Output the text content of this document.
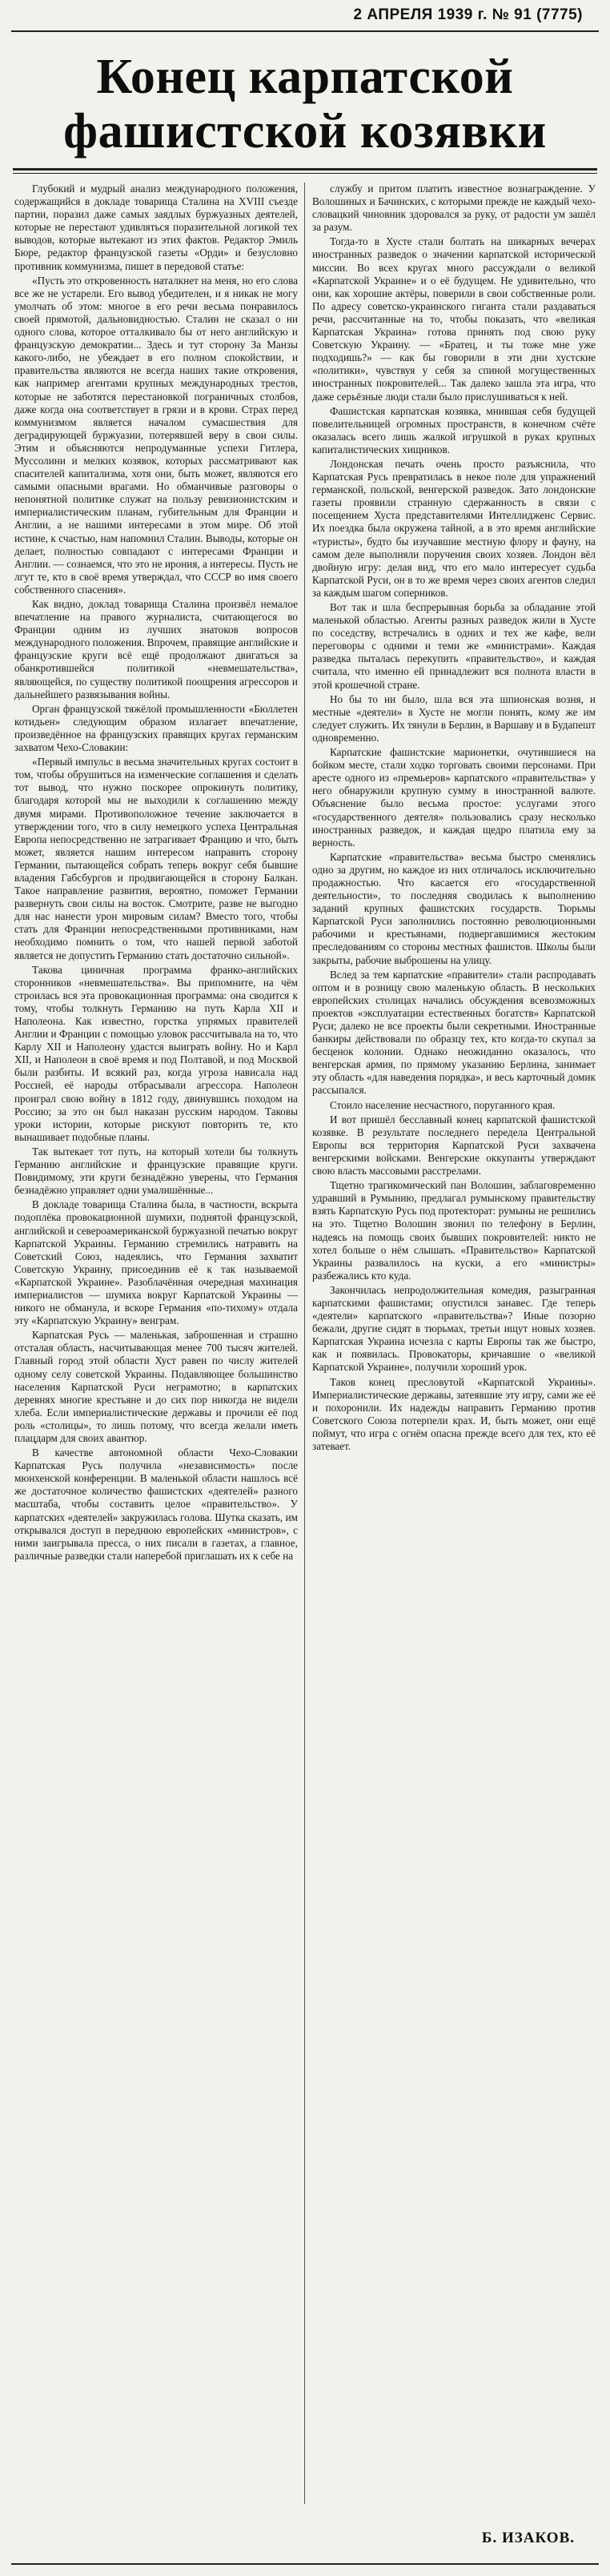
2 АПРЕЛЯ 1939 г. № 91 (7775)
Конец карпатской
фашистской козявки

Глубокий и мудрый анализ международного положения, содержащийся в докладе товарища Сталина на XVIII съезде партии, поразил даже самых заядлых буржуазных деятелей, которые не перестают удивляться поразительной логикой тех выводов, которые вытекают из этих фактов. Редактор Эмиль Бюре, редактор французской газеты «Орди» и безусловно противник коммунизма, пишет в передовой статье:

«Пусть это откровенность наталкнет на меня, но его слова все же не устарели. Его вывод убедителен, и я никак не могу умолчать об этом: многое в его речи весьма понравилось своей прямотой, дальновидностью. Сталин не сказал о ни одного слова, которое отталкивало бы от него английскую и французскую демократии... Здесь и тут сторону За Манзы какого-либо, не убеждает в его полном спокойствии, и правительства являются не всегда наших такие откровения, как например агентами крупных международных трестов, которые не заботятся перестановкой пограничных столбов, даже когда она соответствует в грязи и в крови. Страх перед коммунизмом является началом сумасшествия для деградирующей буржуазии, потерявшей веру в свои силы. Этим и объясняются непродуманные успехи Гитлера, Муссолини и мелких козявок, которых рассматривают как спасителей капитализма, хотя они, быть может, являются его самыми опасными врагами. Но обманчивые разговоры о непонятной политике служат на пользу ревизионистским и империалистическим планам, губительным для Франции и Англии, а не нашими интересами в этом мире. Об этой истине, к счастью, нам напомнил Сталин. Выводы, которые он делает, полностью совпадают с интересами Франции и Англии. — сознаемся, что это не ирония, а интересы. Пусть не лгут те, кто в своё время утверждал, что СССР во имя своего собственного спасения».

Как видно, доклад товарища Сталина произвёл немалое впечатление на правого журналиста, считающегося во Франции одним из лучших знатоков вопросов международного положения. Впрочем, правящие английские и французские круги всё ещё продолжают двигаться за обанкротившейся политикой «невмешательства», являющейся, по существу политикой поощрения агрессоров и дальнейшего развязывания войны.

Орган французской тяжёлой промышленности «Бюллетен котидьен» следующим образом излагает впечатление, произведённое на французских правящих кругах германским захватом Чехо-Словакии:

«Первый импульс в весьма значительных кругах состоит в том, чтобы обрушиться на изменческие соглашения и сделать тот вывод, что нужно поскорее опрокинуть политику, благодаря которой мы не выходили к соглашению между двумя мирами. Противоположное течение заключается в утверждении того, что в силу немецкого успеха Центральная Европа непосредственно не затрагивает Францию и что, быть может, является нашим интересом направить сторону Германии, пытающейся собрать теперь вокруг себя бывшие владения Габсбургов и продвигающейся в сторону Балкан. Такое направление развития, вероятно, поможет Германии развернуть свои силы на восток. Смотрите, разве не выгодно для нас нанести урон мировым силам? Вместо того, чтобы стать для Франции непосредственными противниками, нам необходимо помнить о том, что нашей первой заботой является не допустить Германию стать достаточно сильной».

Такова циничная программа франко-английских сторонников «невмешательства». Вы припомните, на чём строилась вся эта провокационная программа: она сводится к тому, чтобы толкнуть Германию на путь Карла XII и Наполеона. Как известно, горстка упрямых правителей Англии и Франции с помощью уловок рассчитывала на то, что Карлу XII и Наполеону удастся выиграть войну. Но и Карл XII, и Наполеон в своё время и под Полтавой, и под Москвой были разбиты. И всякий раз, когда угроза нависала над Россией, её народы отбрасывали агрессора. Наполеон проиграл свою войну в 1812 году, двинувшись походом на Россию; за это он был наказан русским народом. Таковы уроки истории, которые рискуют повторить те, кто вынашивает подобные планы.

Так вытекает тот путь, на который хотели бы толкнуть Германию английские и французские правящие круги. Повидимому, эти круги безнадёжно уверены, что Германия безнадёжно управляет одни умалишённые...

В докладе товарища Сталина была, в частности, вскрыта подоплёка провокационной шумихи, поднятой французской, английской и североамериканской буржуазной печатью вокруг Карпатской Украины. Германию стремились натравить на Советский Союз, надеялись, что Германия захватит Советскую Украину, присоединив её к так называемой «Карпатской Украине». Разоблачённая очередная махинация империалистов — шумиха вокруг Карпатской Украины — никого не обманула, и вскоре Германия «по-тихому» отдала эту «Карпатскую Украину» венграм.

Карпатская Русь — маленькая, заброшенная и страшно отсталая область, насчитывающая менее 700 тысяч жителей. Главный город этой области Хуст равен по числу жителей одному селу советской Украины. Подавляющее большинство населения Карпатской Руси неграмотно; в карпатских деревнях многие крестьяне и до сих пор никогда не видели хлеба. Если империалистические державы и прочили её под роль «столицы», то лишь потому, что всегда желали иметь плацдарм для своих авантюр.

В качестве автономной области Чехо-Словакии Карпатская Русь получила «независимость» после мюнхенской конференции. В маленькой области нашлось всё же достаточное количество фашистских «деятелей» разного масштаба, чтобы составить целое «правительство». У карпатских «деятелей» закружилась голова. Шутка сказать, им открывался доступ в переднюю европейских «министров», с ними заигрывала пресса, о них писали в газетах, а главное, различные разведки стали наперебой приглашать их к себе на

службу и притом платить известное вознаграждение. У Волошиных и Бачинских, с которыми прежде не каждый чехо-словацкий чиновник здоровался за руку, от радости ум зашёл за разум.

Тогда-то в Хусте стали болтать на шикарных вечерах иностранных разведок о значении карпатской исторической миссии. Во всех кругах много рассуждали о великой «Карпатской Украине» и о её будущем. Не удивительно, что они, как хорошие актёры, поверили в свои собственные роли. По адресу советско-украинского гиганта стали раздаваться речи, рассчитанные на то, чтобы показать, что «великая Карпатская Украина» готова принять под свою руку Советскую Украину. — «Братец, и ты тоже мне уже подходишь?» — как бы говорили в эти дни хустские «политики», чувствуя у себя за спиной могущественных иностранных покровителей... Так далеко зашла эта игра, что даже серьёзные люди стали было прислушиваться к ней.

Фашистская карпатская козявка, мнившая себя будущей повелительницей огромных пространств, в конечном счёте оказалась всего лишь жалкой игрушкой в руках крупных капиталистических хищников.

Лондонская печать очень просто разъяснила, что Карпатская Русь превратилась в некое поле для упражнений германской, польской, венгерской разведок. Зато лондонские газеты проявили странную сдержанность в связи с посещением Хуста представителями Интеллидженс Сервис. Их поездка была окружена тайной, а в это время английские «туристы», будто бы изучавшие местную флору и фауну, на самом деле выполняли поручения своих хозяев. Лондон вёл двойную игру: делая вид, что его мало интересует судьба Карпатской Руси, он в то же время через своих агентов следил за каждым шагом соперников.

Вот так и шла беспрерывная борьба за обладание этой маленькой областью. Агенты разных разведок жили в Хусте по соседству, встречались в одних и тех же кафе, вели переговоры с одними и теми же «министрами». Каждая разведка пыталась перекупить «правительство», и каждая считала, что именно ей принадлежит вся полнота власти в этой крошечной стране.

Но бы то ни было, шла вся эта шпионская возня, и местные «деятели» в Хусте не могли понять, кому же им следует служить. Их тянули в Берлин, в Варшаву и в Будапешт одновременно.

Карпатские фашистские марионетки, очутившиеся на бойком месте, стали ходко торговать своими персонами. При аресте одного из «премьеров» карпатского «правительства» у него обнаружили крупную сумму в иностранной валюте. Объяснение было весьма простое: услугами этого «государственного деятеля» пользовались сразу несколько иностранных разведок, и каждая щедро платила ему за верность.

Карпатские «правительства» весьма быстро сменялись одно за другим, но каждое из них отличалось исключительно продажностью. Что касается его «государственной деятельности», то последняя сводилась к выполнению заданий крупных фашистских государств. Тюрьмы Карпатской Руси заполнились постоянно революционными рабочими и крестьянами, подвергавшимися жестоким преследованиям со стороны местных фашистов. Школы были закрыты, рабочие выброшены на улицу.

Вслед за тем карпатские «правители» стали распродавать оптом и в розницу свою маленькую область. В нескольких европейских столицах начались обсуждения всевозможных проектов «эксплуатации естественных богатств» Карпатской Руси; далеко не все проекты были секретными. Иностранные банкиры действовали по образцу тех, кто когда-то скупал за бесценок колонии. Однако неожиданно оказалось, что венгерская армия, по прямому указанию Берлина, занимает эту область «для наведения порядка», и весь карточный домик рассыпался.

Стоило население несчастного, поруганного края.

И вот пришёл бесславный конец карпатской фашистской козявке. В результате последнего передела Центральной Европы вся территория Карпатской Руси захвачена венгерскими войсками. Венгерские оккупанты утверждают свою власть массовыми расстрелами.

Тщетно трагикомический пан Волошин, заблаговременно удравший в Румынию, предлагал румынскому правительству взять Карпатскую Русь под протекторат: румыны не решились на это. Тщетно Волошин звонил по телефону в Берлин, надеясь на помощь своих бывших покровителей: никто не хотел больше о нём слышать. «Правительство» Карпатской Украины развалилось на куски, а его «министры» разбежались кто куда.

Закончилась непродолжительная комедия, разыгранная карпатскими фашистами; опустился занавес. Где теперь «деятели» карпатского «правительства»? Иные позорно бежали, другие сидят в тюрьмах, третьи ищут новых хозяев. Карпатская Украина исчезла с карты Европы так же быстро, как и появилась. Провокаторы, кричавшие о «великой Карпатской Украине», получили хороший урок.

Таков конец пресловутой «Карпатской Украины». Империалистические державы, затеявшие эту игру, сами же её и похоронили. Их надежды направить Германию против Советского Союза потерпели крах. И, быть может, они ещё поймут, что игра с огнём опасна прежде всего для тех, кто её затевает.

Б. ИЗАКОВ.
